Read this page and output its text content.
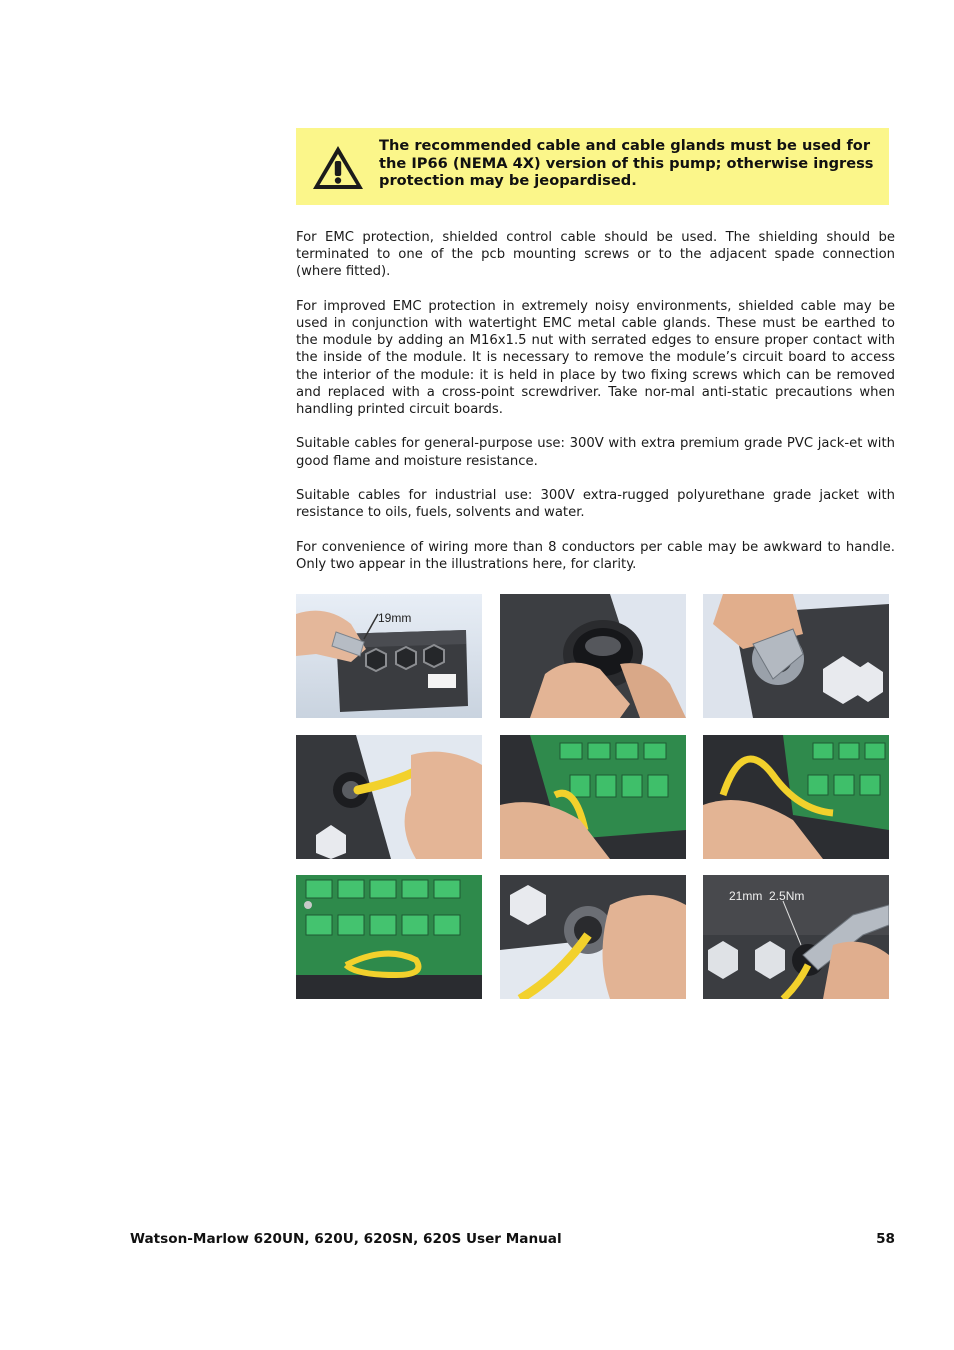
The recommended cable and cable glands must be used for the IP66 (NEMA 4X) version of this pump; otherwise ingress protection may be jeopardised.

For EMC protection, shielded control cable should be used. The shielding should be terminated to one of the pcb mounting screws or to the adjacent spade connection (where fitted).

For improved EMC protection in extremely noisy environments, shielded cable may be used in conjunction with watertight EMC metal cable glands. These must be earthed to the module by adding an M16x1.5 nut with serrated edges to ensure proper contact with the inside of the module. It is necessary to remove the module’s circuit board to access the interior of the module: it is held in place by two fixing screws which can be removed and replaced with a cross-point screwdriver. Take nor-mal anti-static precautions when handling printed circuit boards.

Suitable cables for general-purpose use: 300V with extra premium grade PVC jack-et with good flame and moisture resistance.

Suitable cables for industrial use: 300V extra-rugged polyurethane grade jacket with resistance to oils, fuels, solvents and water.

For convenience of wiring more than 8 conductors per cable may be awkward to handle. Only two appear in the illustrations here, for clarity.

19mm
21mm  2.5Nm
Watson-Marlow 620UN, 620U, 620SN, 620S User Manual	58
